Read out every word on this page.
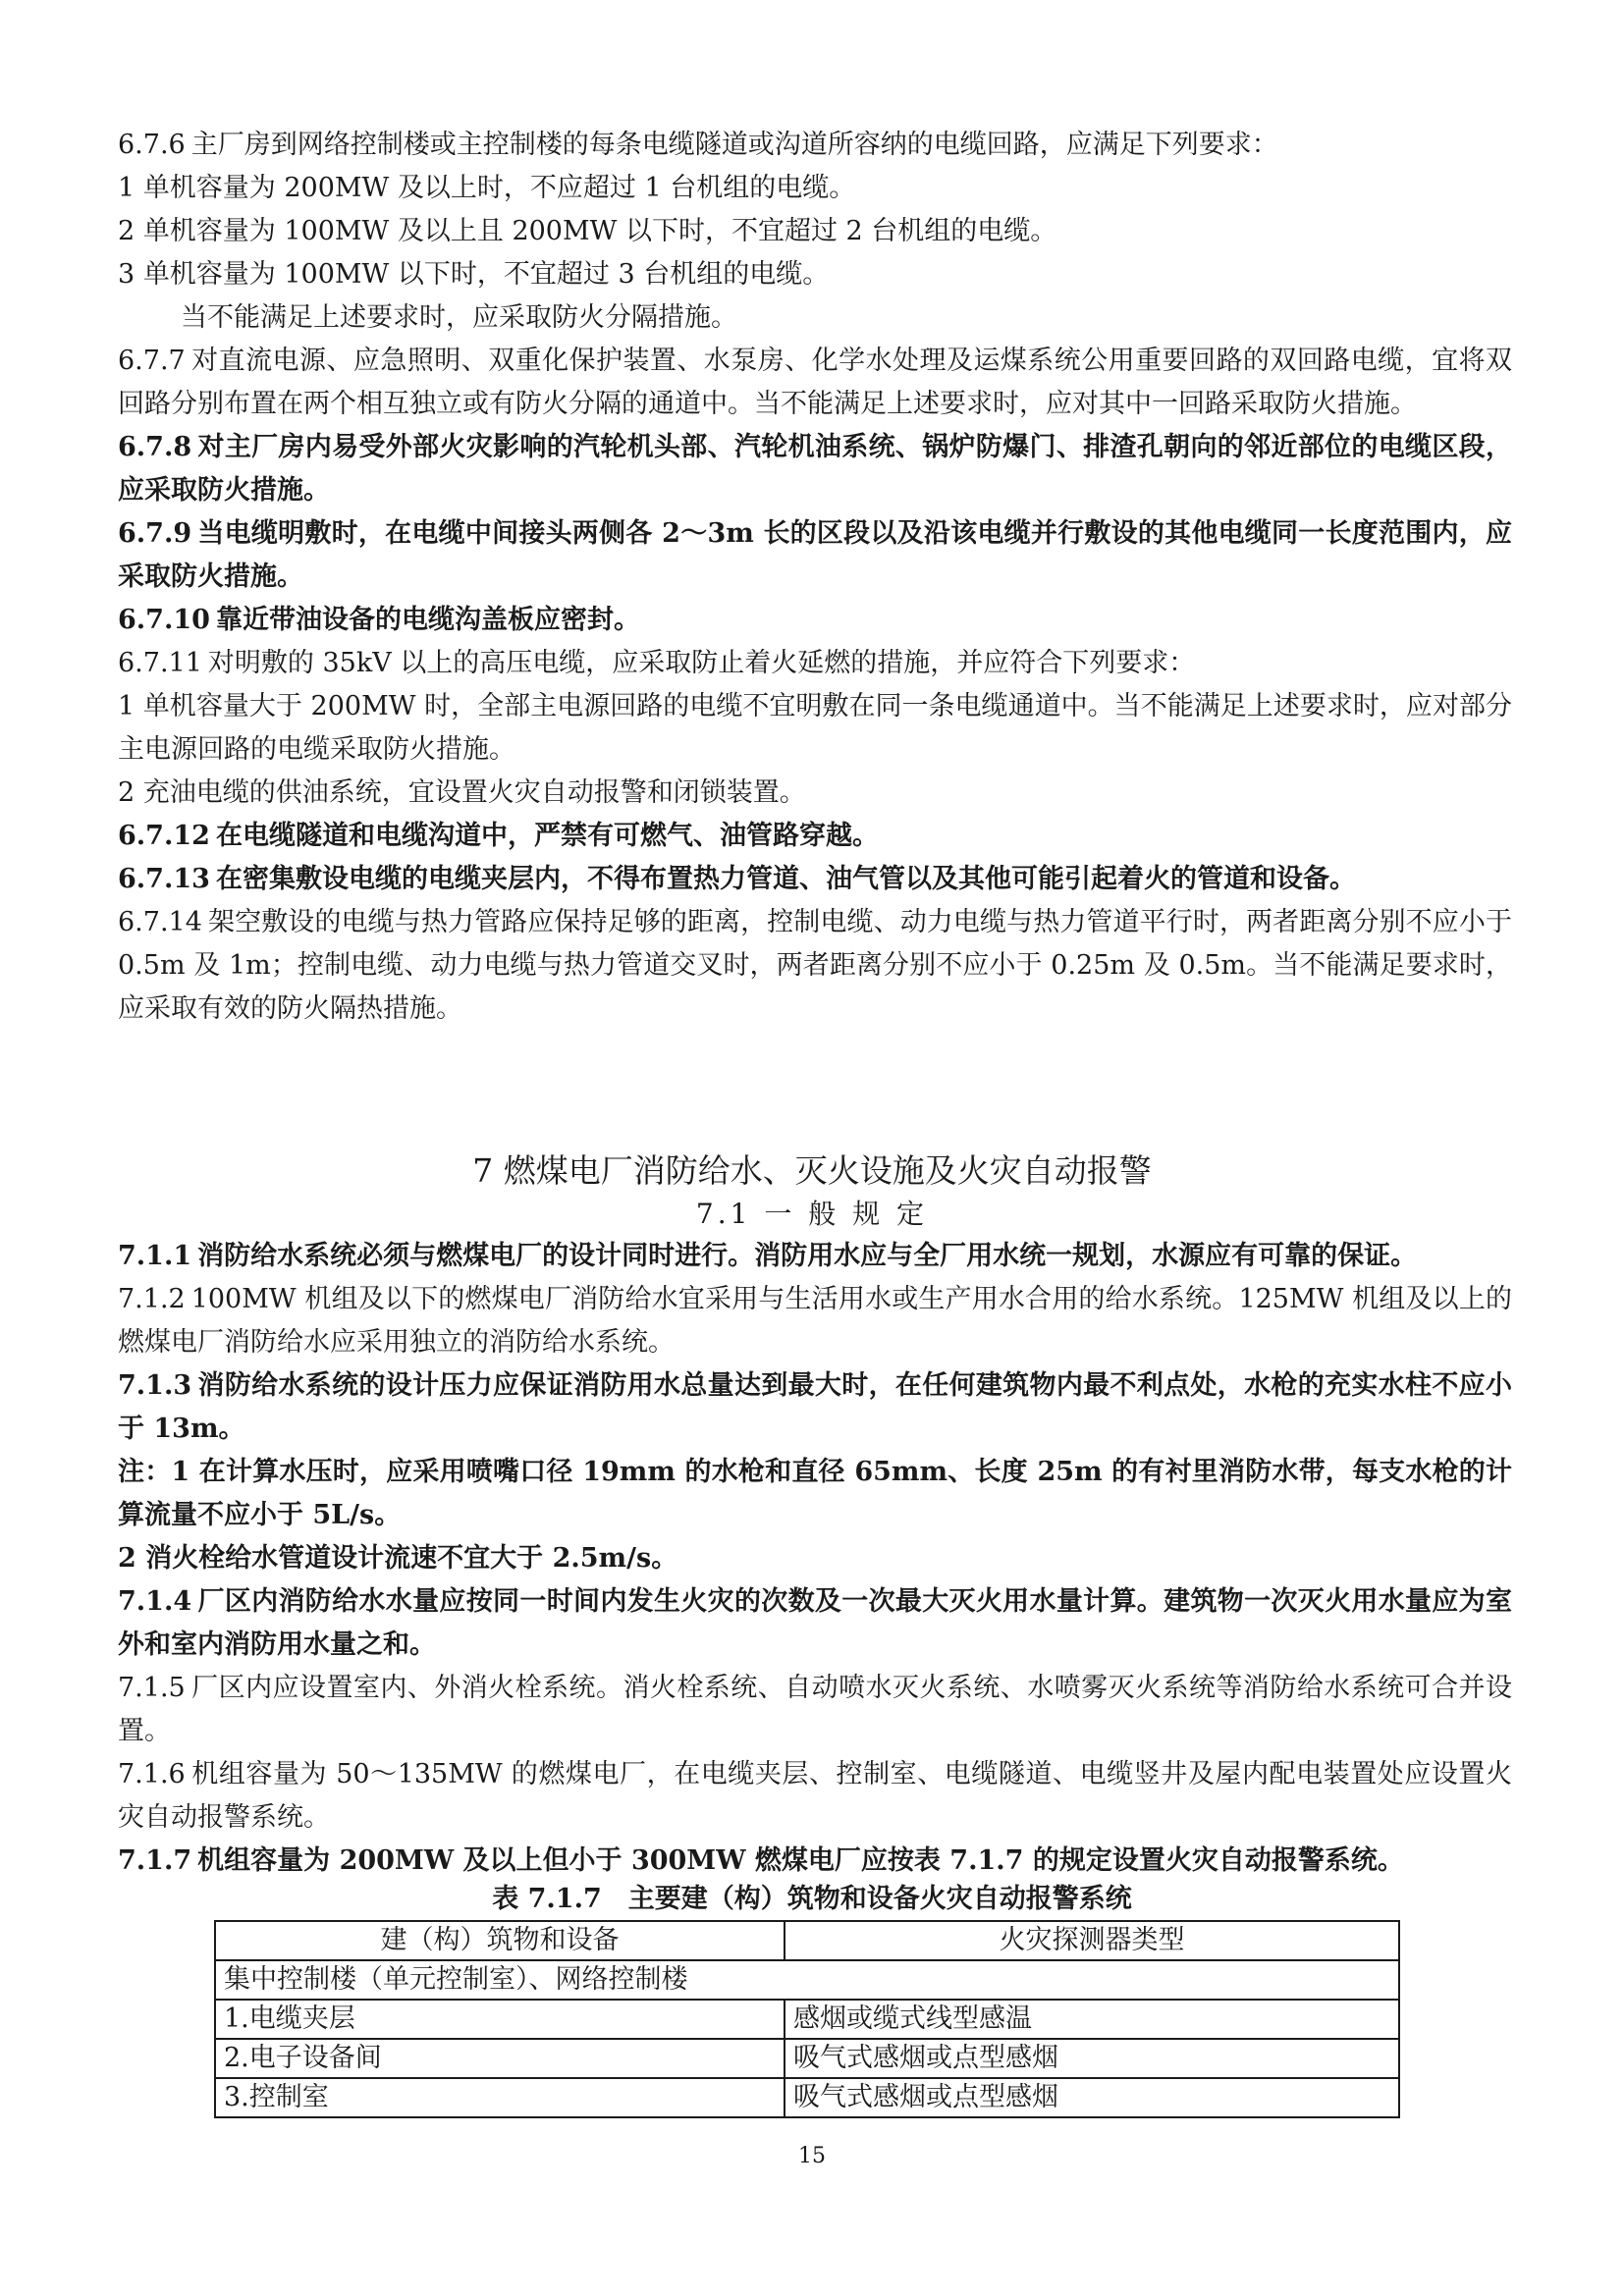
6.7.6 主厂房到网络控制楼或主控制楼的每条电缆隧道或沟道所容纳的电缆回路，应满足下列要求：

1 单机容量为 200MW 及以上时，不应超过 1 台机组的电缆。

2 单机容量为 100MW 及以上且 200MW 以下时，不宜超过 2 台机组的电缆。

3 单机容量为 100MW 以下时，不宜超过 3 台机组的电缆。

当不能满足上述要求时，应采取防火分隔措施。

6.7.7 对直流电源、应急照明、双重化保护装置、水泵房、化学水处理及运煤系统公用重要回路的双回路电缆，宜将双回路分别布置在两个相互独立或有防火分隔的通道中。当不能满足上述要求时，应对其中一回路采取防火措施。

6.7.8 对主厂房内易受外部火灾影响的汽轮机头部、汽轮机油系统、锅炉防爆门、排渣孔朝向的邻近部位的电缆区段，应采取防火措施。

6.7.9 当电缆明敷时，在电缆中间接头两侧各 2～3m 长的区段以及沿该电缆并行敷设的其他电缆同一长度范围内，应采取防火措施。

6.7.10 靠近带油设备的电缆沟盖板应密封。

6.7.11 对明敷的 35kV 以上的高压电缆，应采取防止着火延燃的措施，并应符合下列要求：

1 单机容量大于 200MW 时，全部主电源回路的电缆不宜明敷在同一条电缆通道中。当不能满足上述要求时，应对部分主电源回路的电缆采取防火措施。

2 充油电缆的供油系统，宜设置火灾自动报警和闭锁装置。

6.7.12 在电缆隧道和电缆沟道中，严禁有可燃气、油管路穿越。

6.7.13 在密集敷设电缆的电缆夹层内，不得布置热力管道、油气管以及其他可能引起着火的管道和设备。

6.7.14 架空敷设的电缆与热力管路应保持足够的距离，控制电缆、动力电缆与热力管道平行时，两者距离分别不应小于 0.5m 及 1m；控制电缆、动力电缆与热力管道交叉时，两者距离分别不应小于 0.25m 及 0.5m。当不能满足要求时，应采取有效的防火隔热措施。

7 燃煤电厂消防给水、灭火设施及火灾自动报警
7.1 一 般 规 定

7.1.1 消防给水系统必须与燃煤电厂的设计同时进行。消防用水应与全厂用水统一规划，水源应有可靠的保证。

7.1.2 100MW 机组及以下的燃煤电厂消防给水宜采用与生活用水或生产用水合用的给水系统。125MW 机组及以上的燃煤电厂消防给水应采用独立的消防给水系统。

7.1.3 消防给水系统的设计压力应保证消防用水总量达到最大时，在任何建筑物内最不利点处，水枪的充实水柱不应小于 13m。

注：1 在计算水压时，应采用喷嘴口径 19mm 的水枪和直径 65mm、长度 25m 的有衬里消防水带，每支水枪的计算流量不应小于 5L/s。

2 消火栓给水管道设计流速不宜大于 2.5m/s。

7.1.4 厂区内消防给水水量应按同一时间内发生火灾的次数及一次最大灭火用水量计算。建筑物一次灭火用水量应为室外和室内消防用水量之和。

7.1.5 厂区内应设置室内、外消火栓系统。消火栓系统、自动喷水灭火系统、水喷雾灭火系统等消防给水系统可合并设置。

7.1.6 机组容量为 50～135MW 的燃煤电厂，在电缆夹层、控制室、电缆隧道、电缆竖井及屋内配电装置处应设置火灾自动报警系统。

7.1.7 机组容量为 200MW 及以上但小于 300MW 燃煤电厂应按表 7.1.7 的规定设置火灾自动报警系统。

表 7.1.7　主要建（构）筑物和设备火灾自动报警系统
建（构）筑物和设备	火灾探测器类型
集中控制楼（单元控制室）、网络控制楼	
1.电缆夹层	感烟或缆式线型感温
2.电子设备间	吸气式感烟或点型感烟
3.控制室	吸气式感烟或点型感烟
15
